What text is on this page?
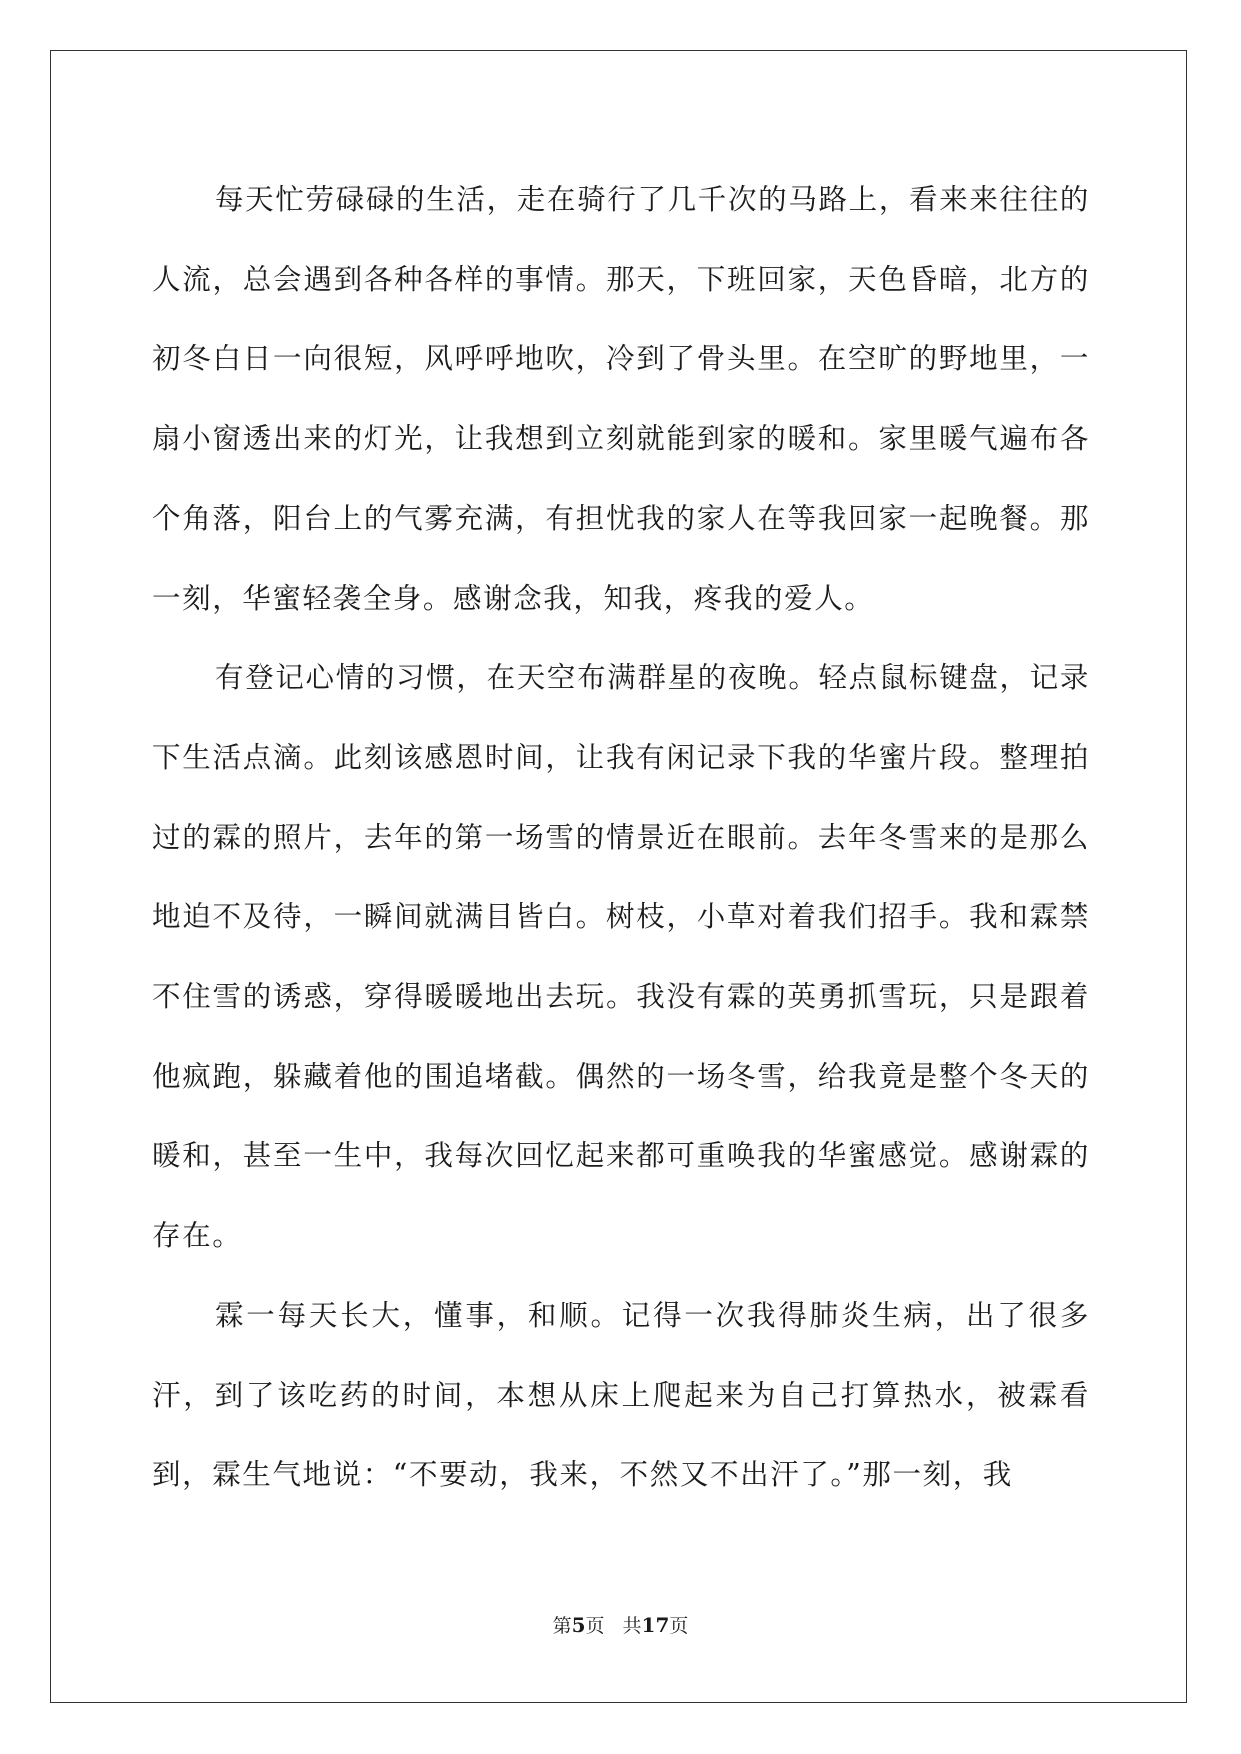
每天忙劳碌碌的生活，走在骑行了几千次的马路上，看来来往往的人流，总会遇到各种各样的事情。那天，下班回家，天色昏暗，北方的初冬白日一向很短，风呼呼地吹，冷到了骨头里。在空旷的野地里，一扇小窗透出来的灯光，让我想到立刻就能到家的暖和。家里暖气遍布各个角落，阳台上的气雾充满，有担忧我的家人在等我回家一起晚餐。那一刻，华蜜轻袭全身。感谢念我，知我，疼我的爱人。

有登记心情的习惯，在天空布满群星的夜晚。轻点鼠标键盘，记录下生活点滴。此刻该感恩时间，让我有闲记录下我的华蜜片段。整理拍过的霖的照片，去年的第一场雪的情景近在眼前。去年冬雪来的是那么地迫不及待，一瞬间就满目皆白。树枝，小草对着我们招手。我和霖禁不住雪的诱惑，穿得暖暖地出去玩。我没有霖的英勇抓雪玩，只是跟着他疯跑，躲藏着他的围追堵截。偶然的一场冬雪，给我竟是整个冬天的暖和，甚至一生中，我每次回忆起来都可重唤我的华蜜感觉。感谢霖的存在。

霖一每天长大，懂事，和顺。记得一次我得肺炎生病，出了很多汗，到了该吃药的时间，本想从床上爬起来为自己打算热水，被霖看到，霖生气地说：“不要动，我来，不然又不出汗了。”那一刻，我

第5页 共17页
